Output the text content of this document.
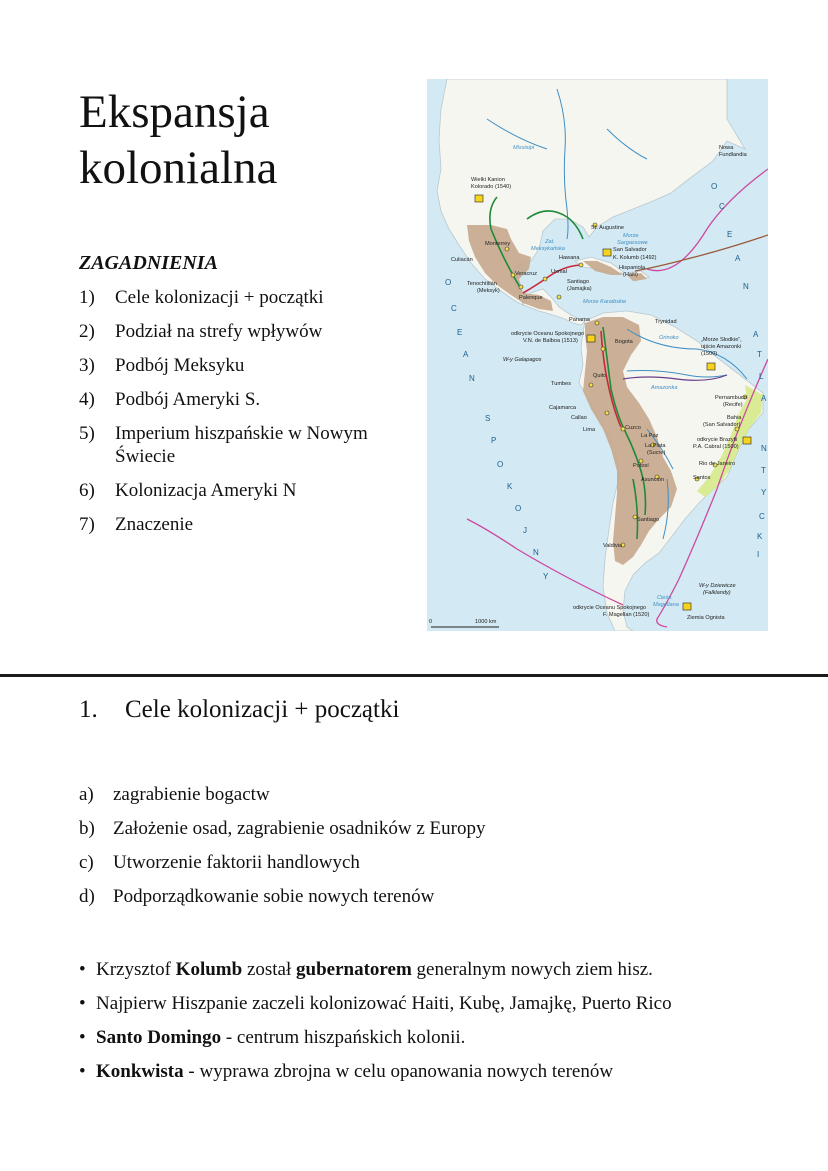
Ekspansja
kolonialna
ZAGADNIENIA
1)	Cele kolonizacji + początki
2)	Podział na strefy wpływów
3)	Podbój Meksyku
4)	Podbój Ameryki S.
5)	Imperium hiszpańskie w Nowym Świecie
6)	Kolonizacja Ameryki N
7)	Znaczenie
Nowa
Fundlandia
Missisipi
Wielki Kanion
Kolorado (1540)
St. Augustine
Morze
Sargassowe
Monterrey	Zat.
Meksykańska	San Salvador
K. Kolumb (1492)
Hawana
Culiacán
Hispaniola
(Haiti)
Veracruz Uxmal
Tenochtitlán
(Meksyk)
Santiago
(Jamajka)
Palenque
Morze Karaibskie
Panama	Trynidad
odkrycie Oceanu Spokojnego
V.N. de Balboa (1513)	Bogota
Orinoko	„Morze Słodkie”,
ujście Amazonki
(1500)
W-y Galapagos
Quito
Amazonka
Tumbes
Pernambuco
(Recife)
Cajamarca
Callao	Bahia
(San Salvador)
Lima	Cuzco
La Paz
odkrycie Brazylii
P.A. Cabral (1500)
La Plata
(Sucre)
Potosí	Rio de Janeiro
Asunción	Santos
Santiago
Valdivia
W-y Dziewicze
(Falklandy)
odkrycie Oceanu Spokojnego
F. Magellan (1520)
Cieśn.
Magellana
Ziemia Ognista
0	1000 km
O
C
E
A
N
S
P
O
K
O
J
N
Y
O
C
E
A
N
A
T
L
A
N
T
Y
C
K
I
1.	Cele kolonizacji + początki
a)	zagrabienie bogactw
b) Założenie osad, zagrabienie osadników z Europy
c)	Utworzenie faktorii handlowych
d) Podporządkowanie sobie nowych terenów
• Krzysztof Kolumb został gubernatorem generalnym nowych ziem hisz.
• Najpierw Hiszpanie zaczeli kolonizować Haiti, Kubę, Jamajkę, Puerto Rico
• Santo Domingo - centrum hiszpańskich kolonii.
• Konkwista - wyprawa zbrojna w celu opanowania nowych terenów
